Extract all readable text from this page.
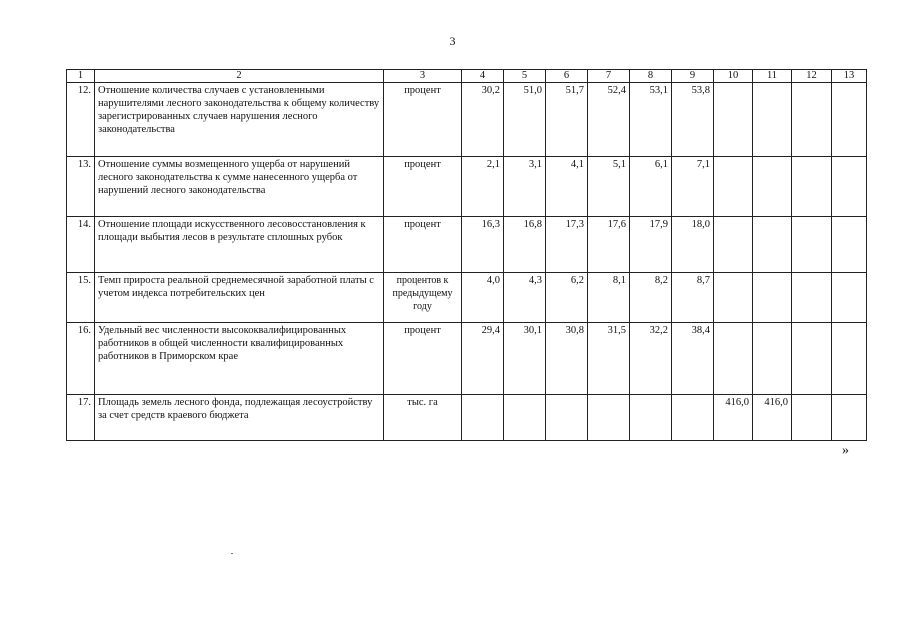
3
1	2	3	4	5	6	7	8	9	10	11	12	13
12.	Отношение количества случаев с установленными нарушителями лесного законодательства к общему количеству зарегистрированных случаев нарушения лесного законодательства	процент	30,2	51,0	51,7	52,4	53,1	53,8				
13.	Отношение суммы возмещенного ущерба от нарушений лесного законодательства к сумме нанесенного ущерба от нарушений лесного законодательства	процент	2,1	3,1	4,1	5,1	6,1	7,1				
14.	Отношение площади искусственного лесовосстановления к площади выбытия лесов в результате сплошных рубок	процент	16,3	16,8	17,3	17,6	17,9	18,0				
15.	Темп прироста реальной среднемесячной заработной платы с учетом индекса потребительских цен	процентов к предыдущему году	4,0	4,3	6,2	8,1	8,2	8,7				
16.	Удельный вес численности высококвалифицированных работников в общей численности квалифицированных работников в Приморском крае	процент	29,4	30,1	30,8	31,5	32,2	38,4				
17.	Площадь земель лесного фонда, подлежащая лесоустройству за счет средств краевого бюджета	тыс. га							416,0	416,0		
»
